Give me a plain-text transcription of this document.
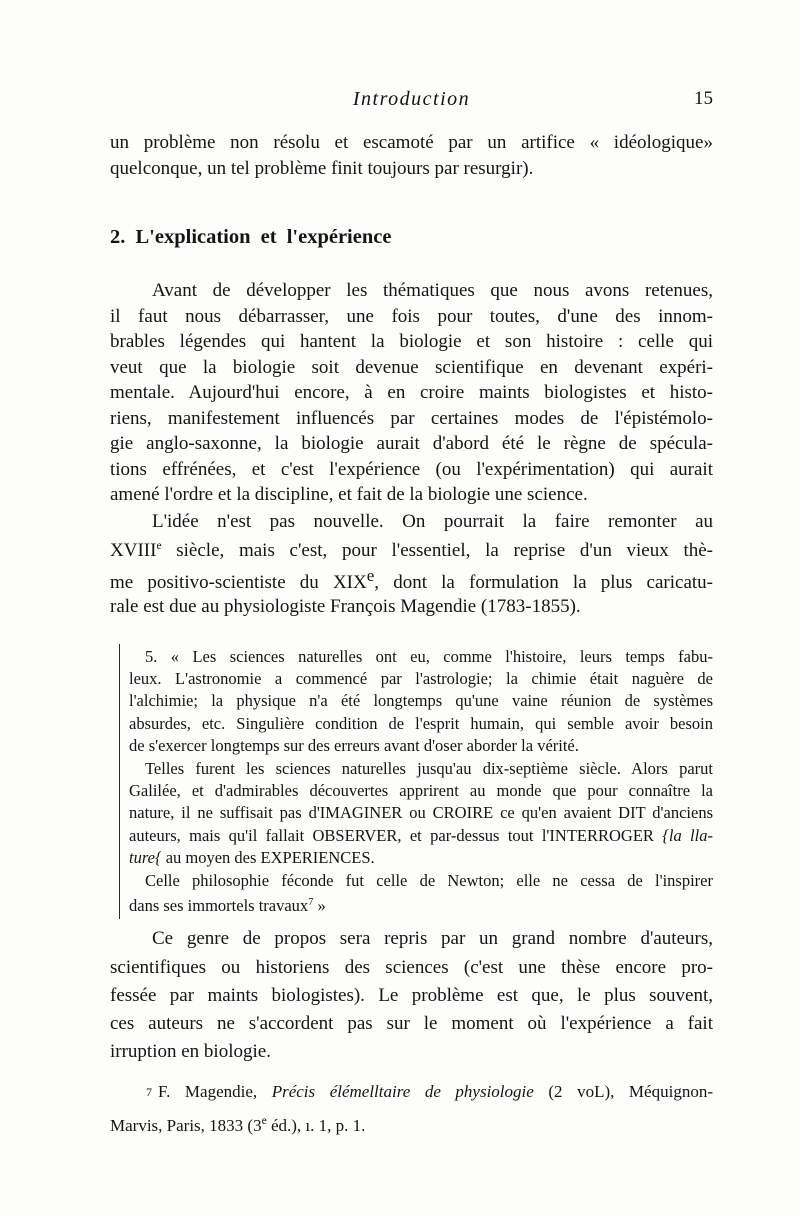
Introduction	15
un problème non résolu et escamoté par un artifice « idéologique»
quelconque, un tel problème finit toujours par resurgir).
2. L'explication et l'expérience
Avant de développer les thématiques que nous avons retenues,
il faut nous débarrasser, une fois pour toutes, d'une des innom-
brables légendes qui hantent la biologie et son histoire : celle qui
veut que la biologie soit devenue scientifique en devenant expéri-
mentale. Aujourd'hui encore, à en croire maints biologistes et histo-
riens, manifestement influencés par certaines modes de l'épistémolo-
gie anglo-saxonne, la biologie aurait d'abord été le règne de spécula-
tions effrénées, et c'est l'expérience (ou l'expérimentation) qui aurait
amené l'ordre et la discipline, et fait de la biologie une science.
L'idée n'est pas nouvelle. On pourrait la faire remonter au
XVIIIe siècle, mais c'est, pour l'essentiel, la reprise d'un vieux thè-
me positivo-scientiste du XIXe, dont la formulation la plus caricatu-
rale est due au physiologiste François Magendie (1783-1855).
5. « Les sciences naturelles ont eu, comme l'histoire, leurs temps fabu-
leux. L'astronomie a commencé par l'astrologie; la chimie était naguère de
l'alchimie; la physique n'a été longtemps qu'une vaine réunion de systèmes
absurdes, etc. Singulière condition de l'esprit humain, qui semble avoir besoin
de s'exercer longtemps sur des erreurs avant d'oser aborder la vérité.
Telles furent les sciences naturelles jusqu'au dix-septième siècle. Alors parut
Galilée, et d'admirables découvertes apprirent au monde que pour connaître la
nature, il ne suffisait pas d'IMAGINER ou CROIRE ce qu'en avaient DIT d'anciens
auteurs, mais qu'il fallait OBSERVER, et par-dessus tout l'INTERROGER {la lla-
ture{ au moyen des EXPERIENCES.
Celle philosophie féconde fut celle de Newton; elle ne cessa de l'inspirer
dans ses immortels travaux$^7$ »
Ce genre de propos sera repris par un grand nombre d'auteurs,
scientifiques ou historiens des sciences (c'est une thèse encore pro-
fessée par maints biologistes). Le problème est que, le plus souvent,
ces auteurs ne s'accordent pas sur le moment où l'expérience a fait
irruption en biologie.
7 F. Magendie, Précis élémelltaire de physiologie (2 voL), Méquignon-
Marvis, Paris, 1833 (3e éd.), ı. 1, p. 1.
